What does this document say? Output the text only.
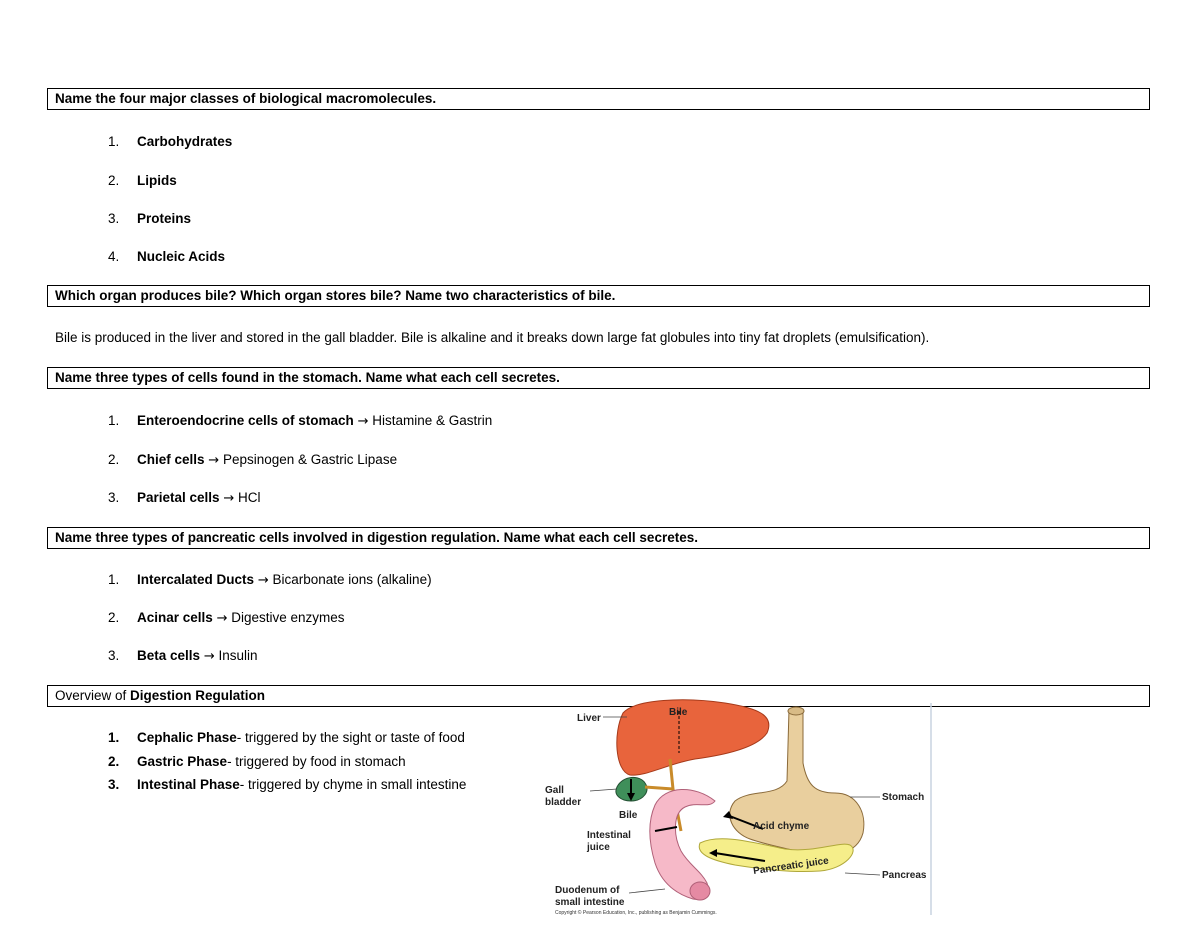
Name the four major classes of biological macromolecules.
1.	Carbohydrates
2.	Lipids
3.	Proteins
4.	Nucleic Acids
Which organ produces bile? Which organ stores bile? Name two characteristics of bile.
Bile is produced in the liver and stored in the gall bladder. Bile is alkaline and it breaks down large fat globules into tiny fat droplets (emulsification).
Name three types of cells found in the stomach. Name what each cell secretes.
1.	Enteroendocrine cells of stomach → Histamine & Gastrin
2.	Chief cells → Pepsinogen & Gastric Lipase
3.	Parietal cells → HCl
Name three types of pancreatic cells involved in digestion regulation. Name what each cell secretes.
1.	Intercalated Ducts → Bicarbonate ions (alkaline)
2.	Acinar cells → Digestive enzymes
3.	Beta cells → Insulin
Overview of Digestion Regulation
1.	Cephalic Phase- triggered by the sight or taste of food
2.	Gastric Phase- triggered by food in stomach
3.	Intestinal Phase- triggered by chyme in small intestine
Liver
Bile
Gall
bladder
Bile
Intestinal
juice
Duodenum of
small intestine
Stomach
Acid chyme
Pancreatic juice	Pancreas
Copyright © Pearson Education, Inc., publishing as Benjamin Cummings.
